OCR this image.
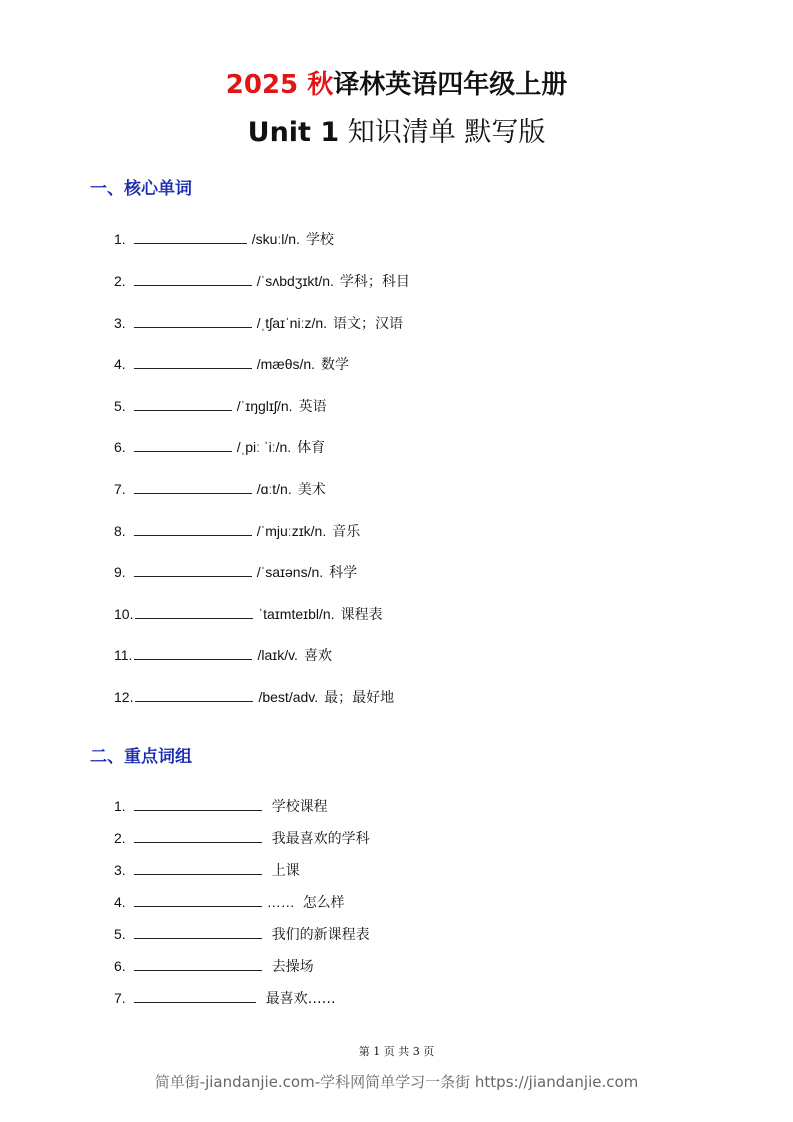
2025 秋译林英语四年级上册
Unit 1 知识清单 默写版
一、核心单词
1.	/skuːl/n. 学校
2.	/ˈsʌbdʒɪkt/n. 学科；科目
3.	/ˌtʃaɪˈniːz/n. 语文；汉语
4.	/mæθs/n. 数学
5.	/ˈɪŋɡlɪʃ/n. 英语
6.	/ˌpiː ˈiː/n. 体育
7.	/ɑːt/n. 美术
8.	/ˈmjuːzɪk/n. 音乐
9.	/ˈsaɪəns/n. 科学
10.	ˈtaɪmteɪbl/n. 课程表
11.	/laɪk/v. 喜欢
12.	/best/adv. 最；最好地
二、重点词组
1.	学校课程
2.	我最喜欢的学科
3.	上课
4.	…… 怎么样
5.	我们的新课程表
6.	去操场
7.	最喜欢……
第 1 页 共 3 页
简单街-jiandanjie.com-学科网简单学习一条街 https://jiandanjie.com
